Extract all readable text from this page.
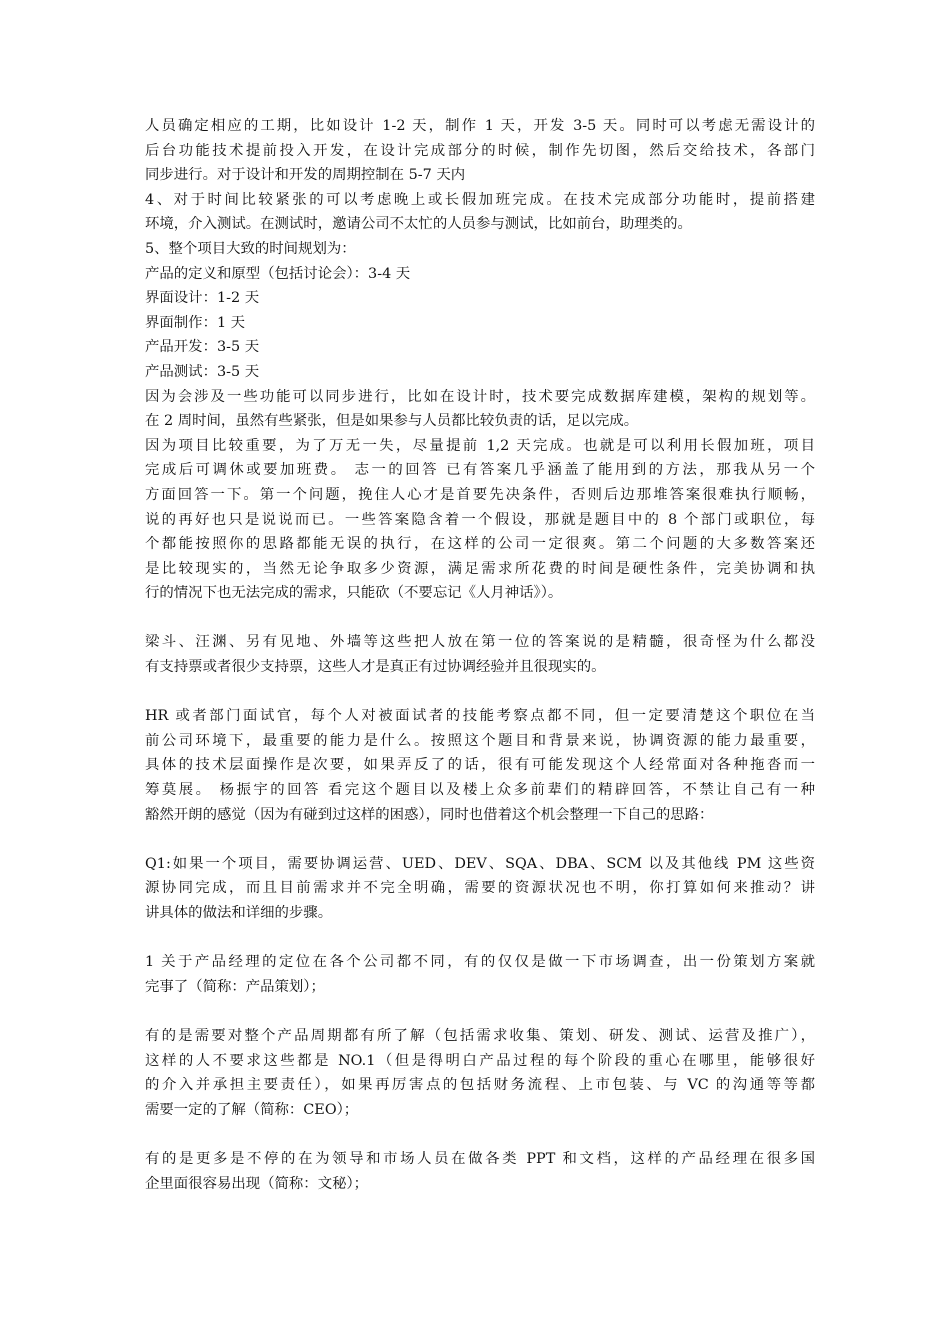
人员确定相应的工期，比如设计 1-2 天，制作 1 天，开发 3-5 天。同时可以考虑无需设计的
后台功能技术提前投入开发，在设计完成部分的时候，制作先切图，然后交给技术，各部门
同步进行。对于设计和开发的周期控制在 5-7 天内
4、对于时间比较紧张的可以考虑晚上或长假加班完成。在技术完成部分功能时，提前搭建
环境，介入测试。在测试时，邀请公司不太忙的人员参与测试，比如前台，助理类的。
5、整个项目大致的时间规划为：
产品的定义和原型（包括讨论会）：3-4 天
界面设计：1-2 天
界面制作：1 天
产品开发：3-5 天
产品测试：3-5 天
因为会涉及一些功能可以同步进行，比如在设计时，技术要完成数据库建模，架构的规划等。
在 2 周时间，虽然有些紧张，但是如果参与人员都比较负责的话，足以完成。
因为项目比较重要，为了万无一失，尽量提前 1,2 天完成。也就是可以利用长假加班，项目
完成后可调休或要加班费。 志一的回答 已有答案几乎涵盖了能用到的方法，那我从另一个
方面回答一下。第一个问题，挽住人心才是首要先决条件，否则后边那堆答案很难执行顺畅，
说的再好也只是说说而已。一些答案隐含着一个假设，那就是题目中的 8 个部门或职位，每
个都能按照你的思路都能无误的执行，在这样的公司一定很爽。第二个问题的大多数答案还
是比较现实的，当然无论争取多少资源，满足需求所花费的时间是硬性条件，完美协调和执
行的情况下也无法完成的需求，只能砍（不要忘记《人月神话》）。
梁斗、汪渊、另有见地、外墙等这些把人放在第一位的答案说的是精髓，很奇怪为什么都没
有支持票或者很少支持票，这些人才是真正有过协调经验并且很现实的。
HR 或者部门面试官，每个人对被面试者的技能考察点都不同，但一定要清楚这个职位在当
前公司环境下，最重要的能力是什么。按照这个题目和背景来说，协调资源的能力最重要，
具体的技术层面操作是次要，如果弄反了的话，很有可能发现这个人经常面对各种拖沓而一
筹莫展。 杨振宇的回答 看完这个题目以及楼上众多前辈们的精辟回答，不禁让自己有一种
豁然开朗的感觉（因为有碰到过这样的困惑），同时也借着这个机会整理一下自己的思路：
Q1:如果一个项目，需要协调运营、UED、DEV、SQA、DBA、SCM 以及其他线 PM 这些资
源协同完成，而且目前需求并不完全明确，需要的资源状况也不明，你打算如何来推动？讲
讲具体的做法和详细的步骤。
1 关于产品经理的定位在各个公司都不同，有的仅仅是做一下市场调查，出一份策划方案就
完事了（简称：产品策划）；
有的是需要对整个产品周期都有所了解（包括需求收集、策划、研发、测试、运营及推广），
这样的人不要求这些都是 NO.1（但是得明白产品过程的每个阶段的重心在哪里，能够很好
的介入并承担主要责任），如果再厉害点的包括财务流程、上市包装、与 VC 的沟通等等都
需要一定的了解（简称：CEO）；
有的是更多是不停的在为领导和市场人员在做各类 PPT 和文档，这样的产品经理在很多国
企里面很容易出现（简称：文秘）；
